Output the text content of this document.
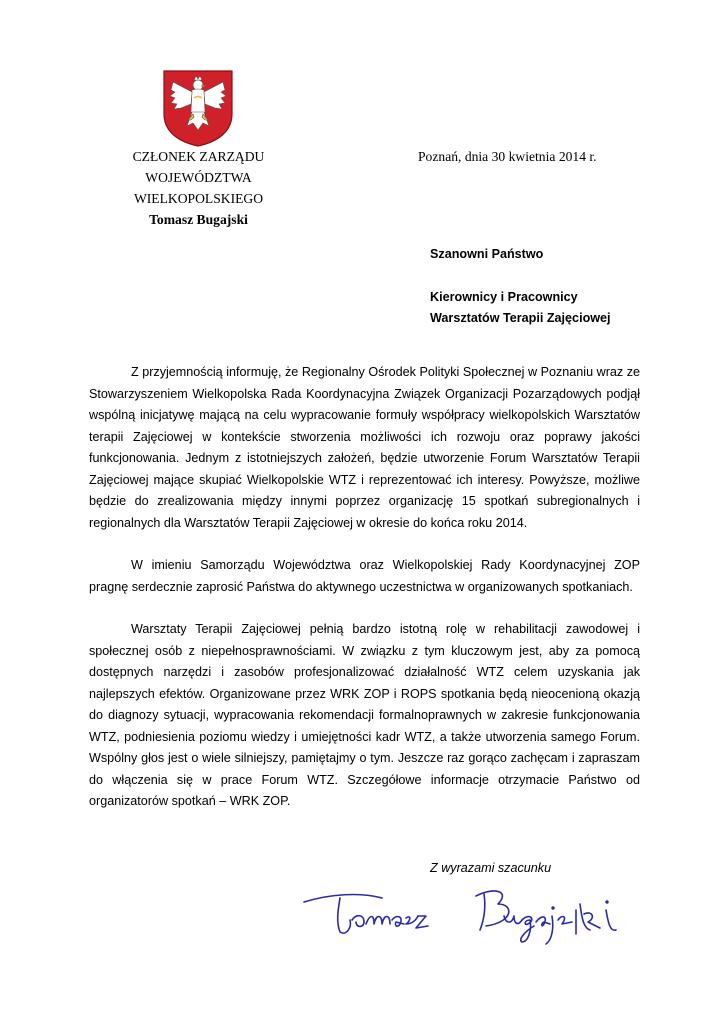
CZŁONEK ZARZĄDU
WOJEWÓDZTWA WIELKOPOLSKIEGO
Tomasz Bugajski
Poznań, dnia 30 kwietnia 2014 r.
Szanowni Państwo
Kierownicy i Pracownicy
Warsztatów Terapii Zajęciowej

Z przyjemnością informuję, że Regionalny Ośrodek Polityki Społecznej w Poznaniu wraz ze Stowarzyszeniem Wielkopolska Rada Koordynacyjna Związek Organizacji Pozarządowych podjął wspólną inicjatywę mającą na celu wypracowanie formuły współpracy wielkopolskich Warsztatów terapii Zajęciowej w kontekście stworzenia możliwości ich rozwoju oraz poprawy jakości funkcjonowania. Jednym z istotniejszych założeń, będzie utworzenie Forum Warsztatów Terapii Zajęciowej mające skupiać Wielkopolskie WTZ i reprezentować ich interesy. Powyższe, możliwe będzie do zrealizowania między innymi poprzez organizację 15 spotkań subregionalnych i regionalnych dla Warsztatów Terapii Zajęciowej w okresie do końca roku 2014.

W imieniu Samorządu Województwa oraz Wielkopolskiej Rady Koordynacyjnej ZOP pragnę serdecznie zaprosić Państwa do aktywnego uczestnictwa w organizowanych spotkaniach.

Warsztaty Terapii Zajęciowej pełnią bardzo istotną rolę w rehabilitacji zawodowej i społecznej osób z niepełnosprawnościami. W związku z tym kluczowym jest, aby za pomocą dostępnych narzędzi i zasobów profesjonalizować działalność WTZ celem uzyskania jak najlepszych efektów. Organizowane przez WRK ZOP i ROPS spotkania będą nieocenioną okazją do diagnozy sytuacji, wypracowania rekomendacji formalnoprawnych w zakresie funkcjonowania WTZ, podniesienia poziomu wiedzy i umiejętności kadr WTZ, a także utworzenia samego Forum. Wspólny głos jest o wiele silniejszy, pamiętajmy o tym. Jeszcze raz gorąco zachęcam i zapraszam do włączenia się w prace Forum WTZ. Szczegółowe informacje otrzymacie Państwo od organizatorów spotkań – WRK ZOP.

Z wyrazami szacunku
